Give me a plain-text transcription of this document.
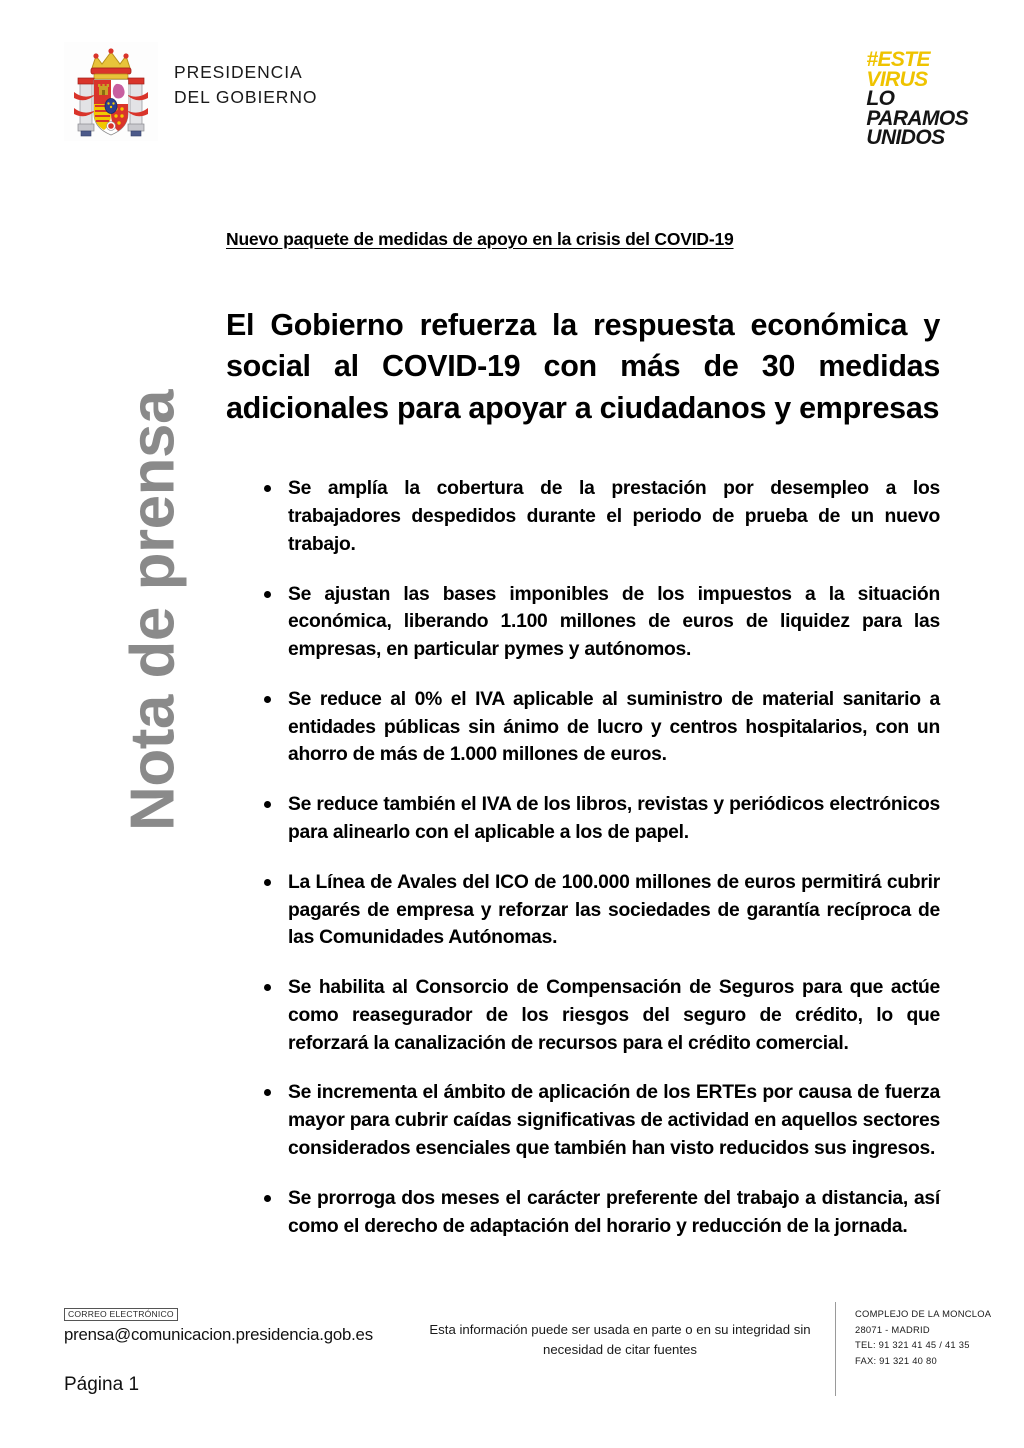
PRESIDENCIA
DEL GOBIERNO
#ESTE
VIRUS
LO
PARAMOS
UNIDOS
Nota de prensa

Nuevo paquete de medidas de apoyo en la crisis del COVID-19

El Gobierno refuerza la respuesta económica y social al COVID-19 con más de 30 medidas adicionales para apoyar a ciudadanos y empresas
Se amplía la cobertura de la prestación por desempleo a los trabajadores despedidos durante el periodo de prueba de un nuevo trabajo.
Se ajustan las bases imponibles de los impuestos a la situación económica, liberando 1.100 millones de euros de liquidez para las empresas, en particular pymes y autónomos.
Se reduce al 0% el IVA aplicable al suministro de material sanitario a entidades públicas sin ánimo de lucro y centros hospitalarios, con un ahorro de más de 1.000 millones de euros.
Se reduce también el IVA de los libros, revistas y periódicos electrónicos para alinearlo con el aplicable a los de papel.
La Línea de Avales del ICO de 100.000 millones de euros permitirá cubrir pagarés de empresa y reforzar las sociedades de garantía recíproca de las Comunidades Autónomas.
Se habilita al Consorcio de Compensación de Seguros para que actúe como reasegurador de los riesgos del seguro de crédito, lo que reforzará la canalización de recursos para el crédito comercial.
Se incrementa el ámbito de aplicación de los ERTEs por causa de fuerza mayor para cubrir caídas significativas de actividad en aquellos sectores considerados esenciales que también han visto reducidos sus ingresos.
Se prorroga dos meses el carácter preferente del trabajo a distancia, así como el derecho de adaptación del horario y reducción de la jornada.
CORREO ELECTRÓNICO
prensa@comunicacion.presidencia.gob.es
Página 1
Esta información puede ser usada en parte o en su integridad sin necesidad de citar fuentes
COMPLEJO DE LA MONCLOA
28071 - MADRID
TEL: 91 321 41 45 / 41 35
FAX: 91 321 40 80
